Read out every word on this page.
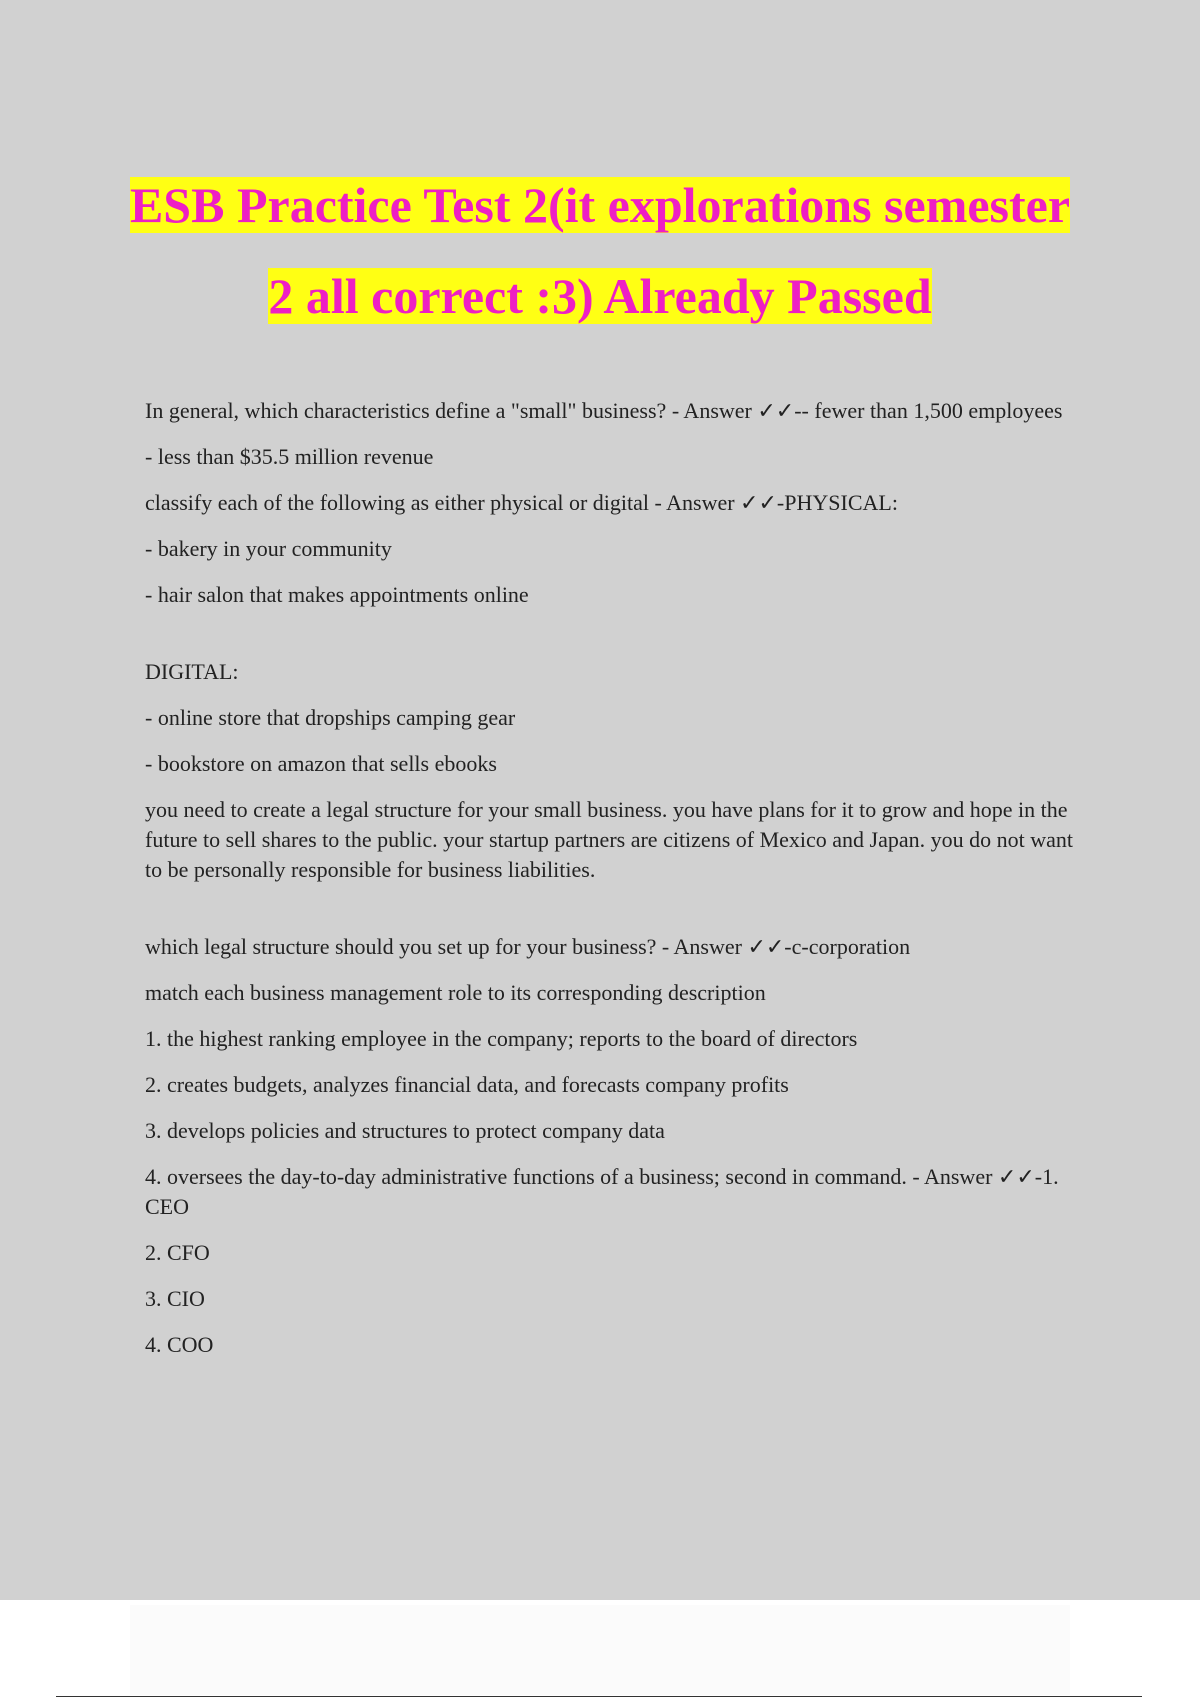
ESB Practice Test 2(it explorations semester
2 all correct :3) Already Passed

In general, which characteristics define a "small" business? - Answer ✓✓-- fewer than 1,500 employees

- less than $35.5 million revenue

classify each of the following as either physical or digital - Answer ✓✓-PHYSICAL:

- bakery in your community

- hair salon that makes appointments online

DIGITAL:

- online store that dropships camping gear

- bookstore on amazon that sells ebooks

you need to create a legal structure for your small business. you have plans for it to grow and hope in the future to sell shares to the public. your startup partners are citizens of Mexico and Japan. you do not want to be personally responsible for business liabilities.

which legal structure should you set up for your business? - Answer ✓✓-c-corporation

match each business management role to its corresponding description

1. the highest ranking employee in the company; reports to the board of directors

2. creates budgets, analyzes financial data, and forecasts company profits

3. develops policies and structures to protect company data

4. oversees the day-to-day administrative functions of a business; second in command. - Answer ✓✓-1. CEO

2. CFO

3. CIO

4. COO
